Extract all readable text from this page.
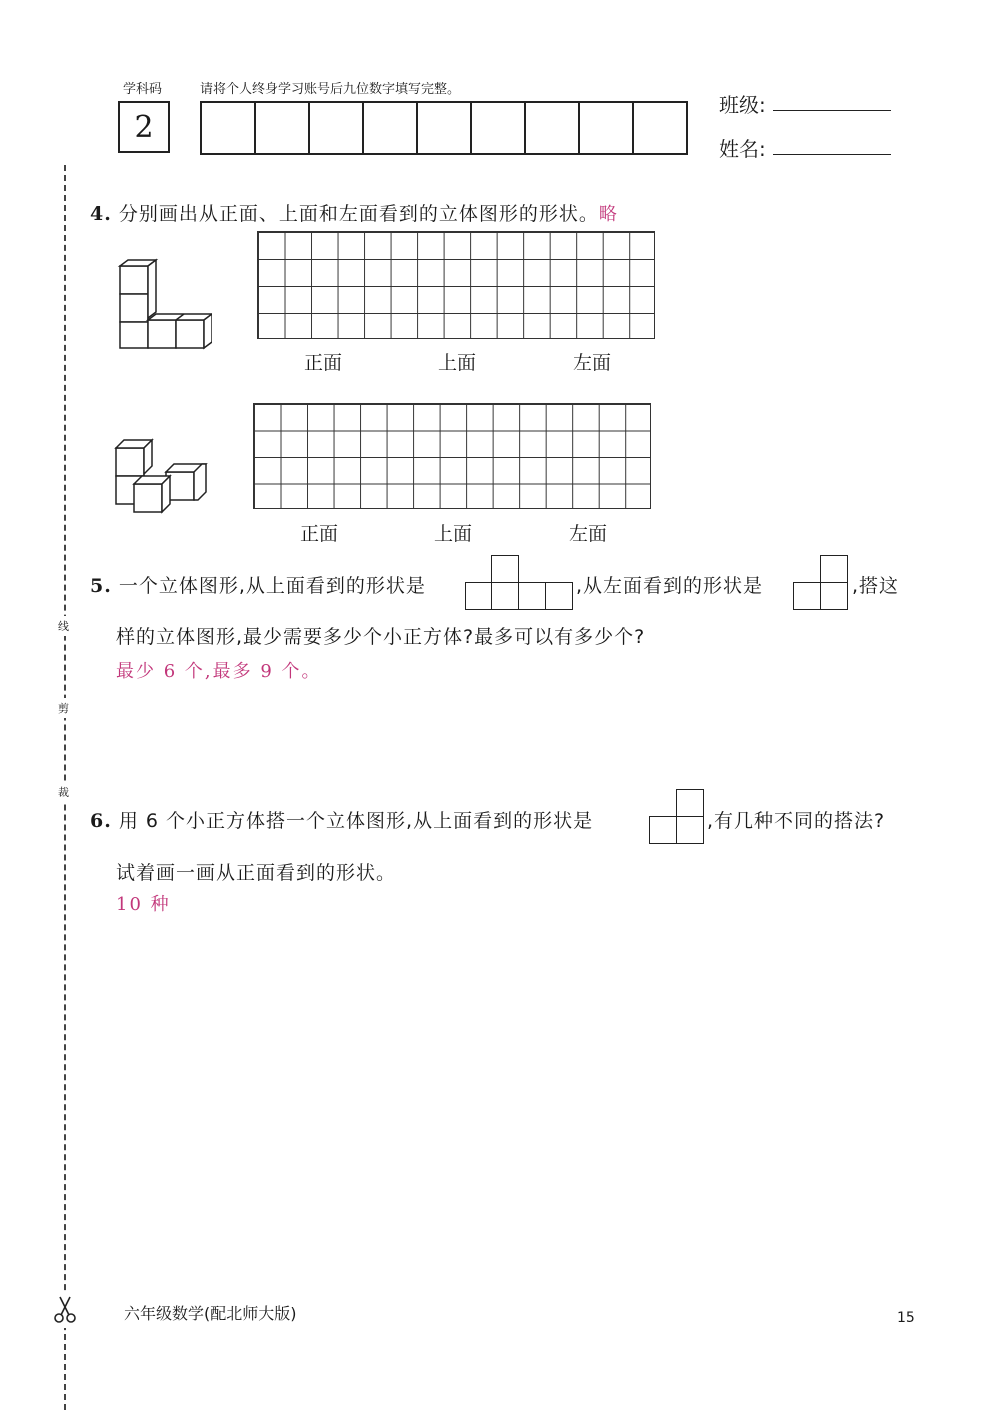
学科码	请将个人终身学习账号后九位数字填写完整。
2
班级:
姓名:
线
剪
裁
4. 分别画出从正面、上面和左面看到的立体图形的形状。略
正面	上面	左面
正面	上面	左面
5. 一个立体图形,从上面看到的形状是	,从左面看到的形状是	,搭这
样的立体图形,最少需要多少个小正方体?最多可以有多少个?
最少 6 个,最多 9 个。
6. 用 6 个小正方体搭一个立体图形,从上面看到的形状是	,有几种不同的搭法?
试着画一画从正面看到的形状。
10 种
六年级数学(配北师大版)	15
